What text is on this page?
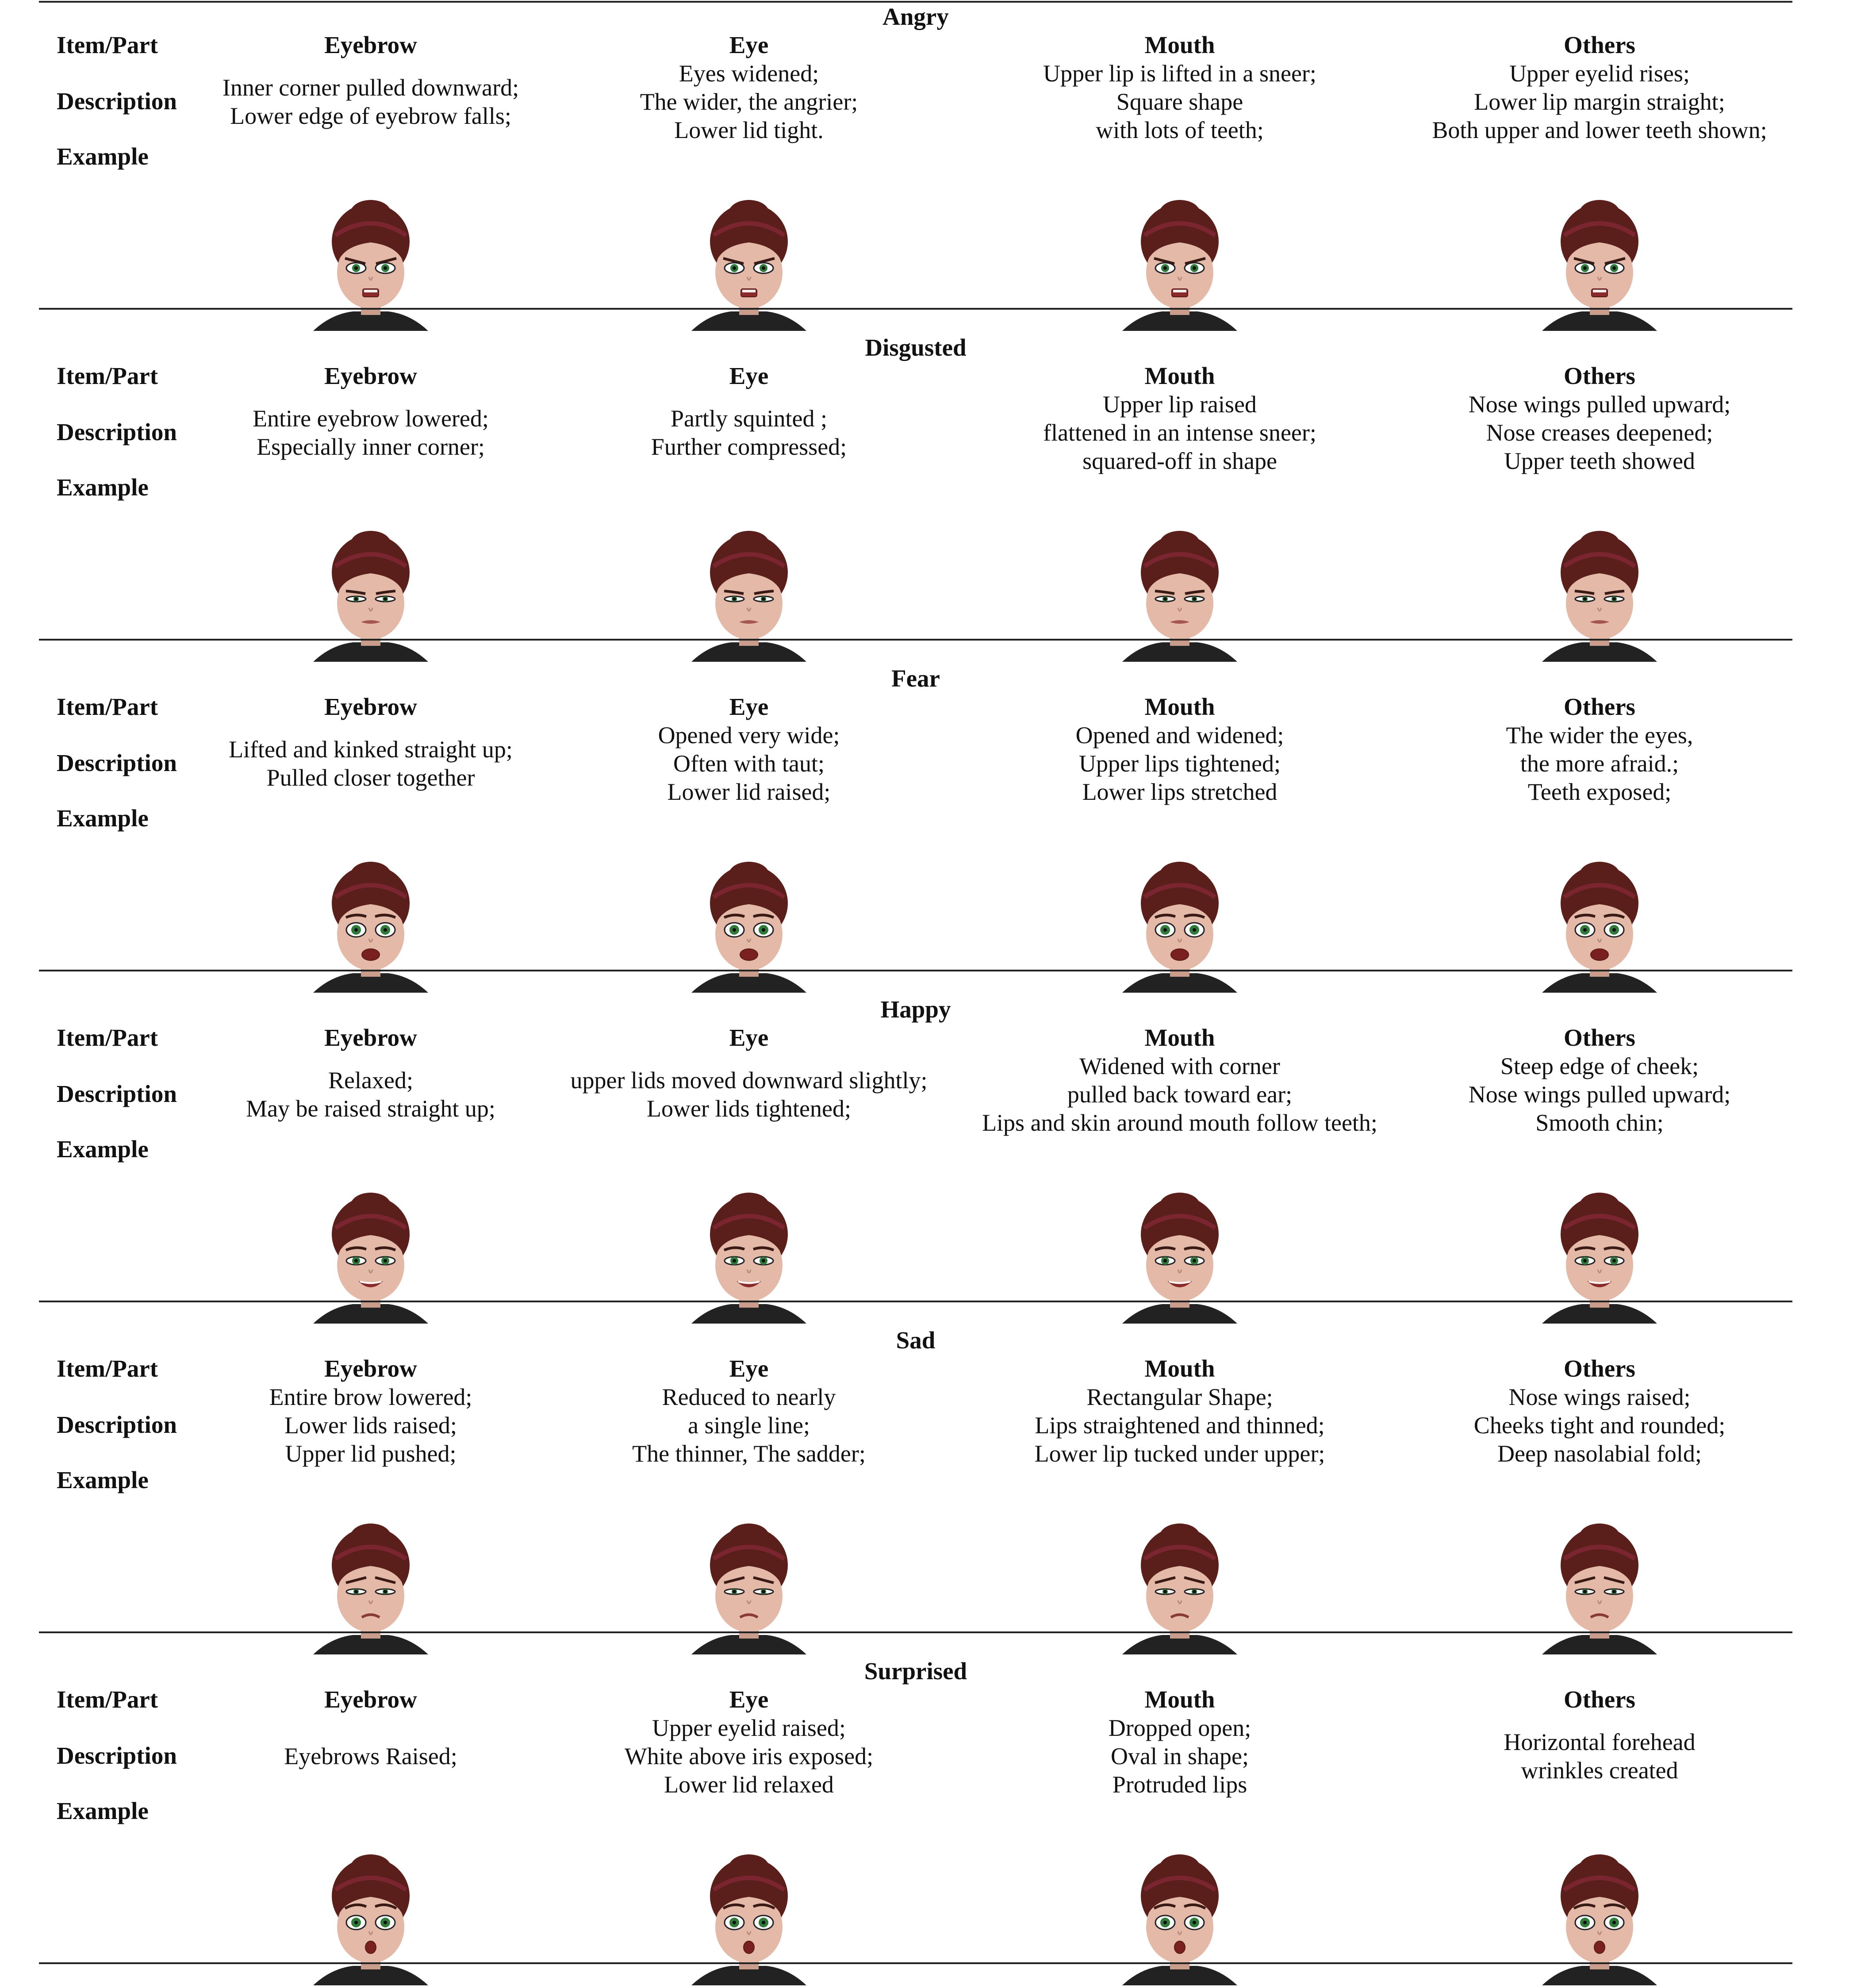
Angry
Item/Part
Description
Example
Eyebrow
Inner corner pulled downward;
Lower edge of eyebrow falls;
Eye
Eyes widened;
The wider, the angrier;
Lower lid tight.
Mouth
Upper lip is lifted in a sneer;
Square shape
with lots of teeth;
Others
Upper eyelid rises;
Lower lip margin straight;
Both upper and lower teeth shown;
Disgusted
Item/Part
Description
Example
Eyebrow
Entire eyebrow lowered;
Especially inner corner;
Eye
Partly squinted ;
Further compressed;
Mouth
Upper lip raised
flattened in an intense sneer;
squared-off in shape
Others
Nose wings pulled upward;
Nose creases deepened;
Upper teeth showed
Fear
Item/Part
Description
Example
Eyebrow
Lifted and kinked straight up;
Pulled closer together
Eye
Opened very wide;
Often with taut;
Lower lid raised;
Mouth
Opened and widened;
Upper lips tightened;
Lower lips stretched
Others
The wider the eyes,
the more afraid.;
Teeth exposed;
Happy
Item/Part
Description
Example
Eyebrow
Relaxed;
May be raised straight up;
Eye
upper lids moved downward slightly;
Lower lids tightened;
Mouth
Widened with corner
pulled back toward ear;
Lips and skin around mouth follow teeth;
Others
Steep edge of cheek;
Nose wings pulled upward;
Smooth chin;
Sad
Item/Part
Description
Example
Eyebrow
Entire brow lowered;
Lower lids raised;
Upper lid pushed;
Eye
Reduced to nearly
a single line;
The thinner, The sadder;
Mouth
Rectangular Shape;
Lips straightened and thinned;
Lower lip tucked under upper;
Others
Nose wings raised;
Cheeks tight and rounded;
Deep nasolabial fold;
Surprised
Item/Part
Description
Example
Eyebrow
Eyebrows Raised;
Eye
Upper eyelid raised;
White above iris exposed;
Lower lid relaxed
Mouth
Dropped open;
Oval in shape;
Protruded lips
Others
Horizontal forehead
wrinkles created
